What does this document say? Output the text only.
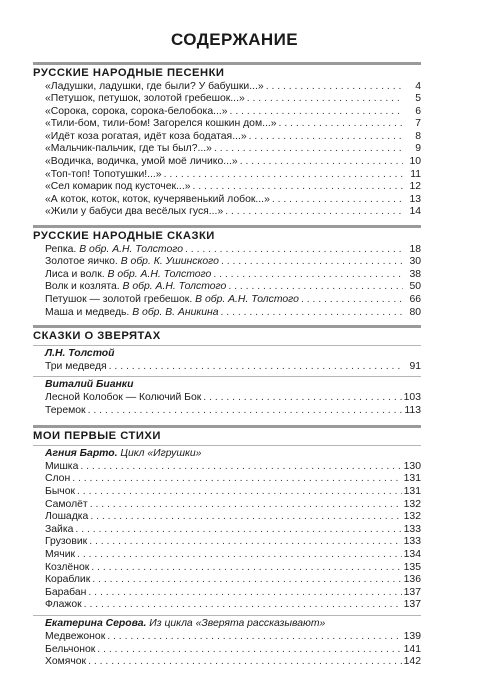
СОДЕРЖАНИЕ
РУССКИЕ НАРОДНЫЕ ПЕСЕНКИ
«Ладушки, ладушки, где были? У бабушки...» . . .	4
«Петушок, петушок, золотой гребешок...» . . .	5
«Сорока, сорока, сорока-белобока...» . . .	6
«Тили-бом, тили-бом! Загорелся кошкин дом...» . . .	7
«Идёт коза рогатая, идёт коза бодатая...» . . .	8
«Мальчик-пальчик, где ты был?...» . . .	9
«Водичка, водичка, умой моё личико...» . . .	10
«Топ-топ! Топотушки!...» . . .	11
«Сел комарик под кусточек...» . . .	12
«А коток, коток, коток, кучерявенький лобок...» . . .	13
«Жили у бабуси два весёлых гуся...» . . .	14
РУССКИЕ НАРОДНЫЕ СКАЗКИ
Репка. В обр. А.Н. Толстого . . .	18
Золотое яичко. В обр. К. Ушинского . . .	30
Лиса и волк. В обр. А.Н. Толстого . . .	38
Волк и козлята. В обр. А.Н. Толстого . . .	50
Петушок — золотой гребешок. В обр. А.Н. Толстого . . .	66
Маша и медведь. В обр. В. Аникина . . .	80
СКАЗКИ О ЗВЕРЯТАХ
Л.Н. Толстой
Три медведя . . .	91
Виталий Бианки
Лесной Колобок — Колючий Бок . . .	103
Теремок . . .	113
МОИ ПЕРВЫЕ СТИХИ
Агния Барто. Цикл «Игрушки»
Мишка . . .	130
Слон . . .	131
Бычок . . .	131
Самолёт . . .	132
Лошадка . . .	132
Зайка . . .	133
Грузовик . . .	133
Мячик . . .	134
Козлёнок . . .	135
Кораблик . . .	136
Барабан . . .	137
Флажок . . .	137
Екатерина Серова. Из цикла «Зверята рассказывают»
Медвежонок . . .	139
Бельчонок . . .	141
Хомячок . . .	142
